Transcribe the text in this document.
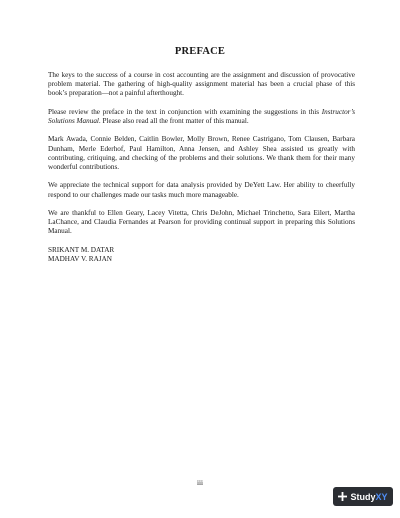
PREFACE

The keys to the success of a course in cost accounting are the assignment and discussion of provocative problem material. The gathering of high-quality assignment material has been a crucial phase of this book’s preparation—not a painful afterthought.

Please review the preface in the text in conjunction with examining the suggestions in this Instructor’s Solutions Manual. Please also read all the front matter of this manual.

Mark Awada, Connie Belden, Caitlin Bowler, Molly Brown, Renee Castrigano, Tom Clausen, Barbara Dunham, Merle Ederhof, Paul Hamilton, Anna Jensen, and Ashley Shea assisted us greatly with contributing, critiquing, and checking of the problems and their solutions. We thank them for their many wonderful contributions.

We appreciate the technical support for data analysis provided by DeYett Law. Her ability to cheerfully respond to our challenges made our tasks much more manageable.

We are thankful to Ellen Geary, Lacey Vitetta, Chris DeJohn, Michael Trinchetto, Sara Eilert, Martha LaChance, and Claudia Fernandes at Pearson for providing continual support in preparing this Solutions Manual.

SRIKANT M. DATAR

MADHAV V. RAJAN

iii
StudyXY
